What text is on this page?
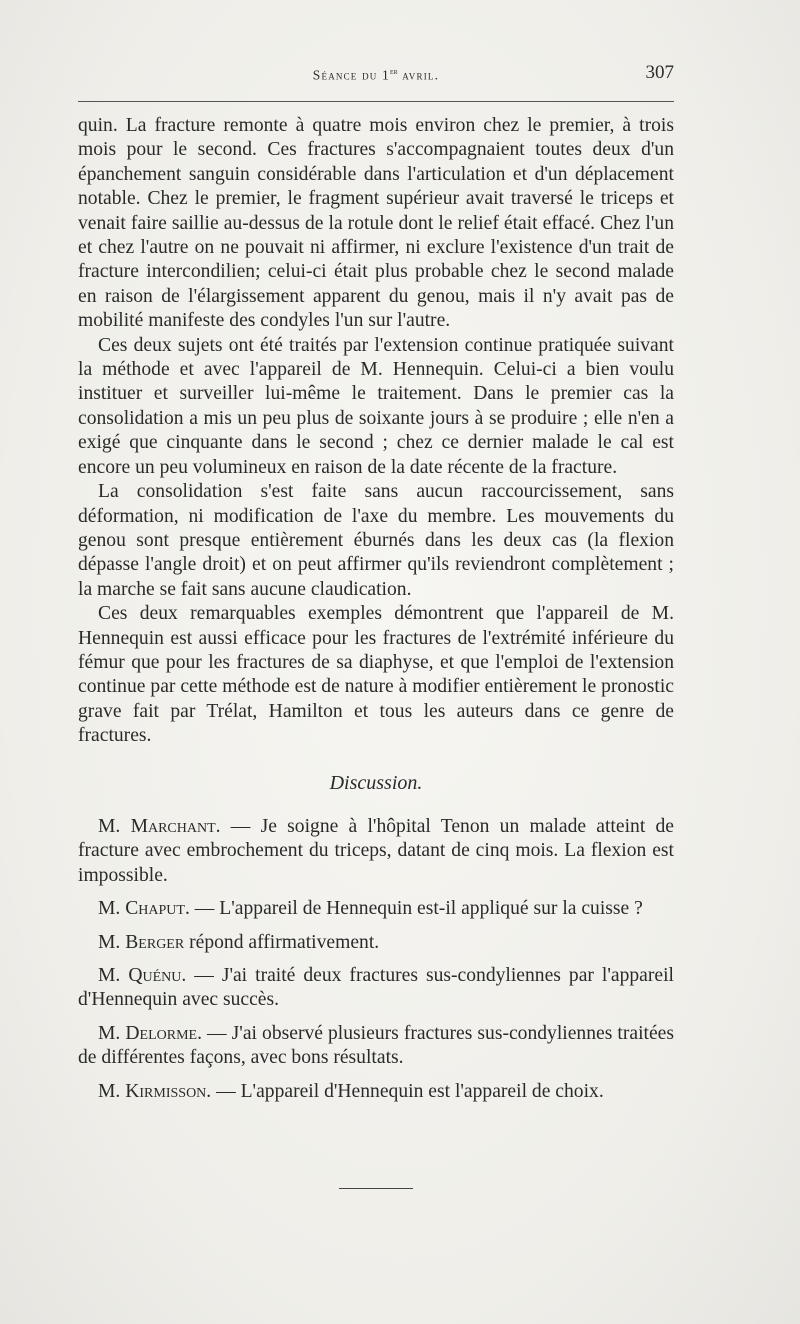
Séance du 1er avril.	307

quin. La fracture remonte à quatre mois environ chez le premier, à trois mois pour le second. Ces fractures s'accompagnaient toutes deux d'un épanchement sanguin considérable dans l'articulation et d'un déplacement notable. Chez le premier, le fragment supérieur avait traversé le triceps et venait faire saillie au-dessus de la rotule dont le relief était effacé. Chez l'un et chez l'autre on ne pouvait ni affirmer, ni exclure l'existence d'un trait de fracture intercondilien; celui-ci était plus probable chez le second malade en raison de l'élargissement apparent du genou, mais il n'y avait pas de mobilité manifeste des condyles l'un sur l'autre.

Ces deux sujets ont été traités par l'extension continue pratiquée suivant la méthode et avec l'appareil de M. Hennequin. Celui-ci a bien voulu instituer et surveiller lui-même le traitement. Dans le premier cas la consolidation a mis un peu plus de soixante jours à se produire ; elle n'en a exigé que cinquante dans le second ; chez ce dernier malade le cal est encore un peu volumineux en raison de la date récente de la fracture.

La consolidation s'est faite sans aucun raccourcissement, sans déformation, ni modification de l'axe du membre. Les mouvements du genou sont presque entièrement éburnés dans les deux cas (la flexion dépasse l'angle droit) et on peut affirmer qu'ils reviendront complètement ; la marche se fait sans aucune claudication.

Ces deux remarquables exemples démontrent que l'appareil de M. Hennequin est aussi efficace pour les fractures de l'extrémité inférieure du fémur que pour les fractures de sa diaphyse, et que l'emploi de l'extension continue par cette méthode est de nature à modifier entièrement le pronostic grave fait par Trélat, Hamilton et tous les auteurs dans ce genre de fractures.

Discussion.

M. Marchant. — Je soigne à l'hôpital Tenon un malade atteint de fracture avec embrochement du triceps, datant de cinq mois. La flexion est impossible.

M. Chaput. — L'appareil de Hennequin est-il appliqué sur la cuisse ?

M. Berger répond affirmativement.

M. Quénu. — J'ai traité deux fractures sus-condyliennes par l'appareil d'Hennequin avec succès.

M. Delorme. — J'ai observé plusieurs fractures sus-condyliennes traitées de différentes façons, avec bons résultats.

M. Kirmisson. — L'appareil d'Hennequin est l'appareil de choix.
